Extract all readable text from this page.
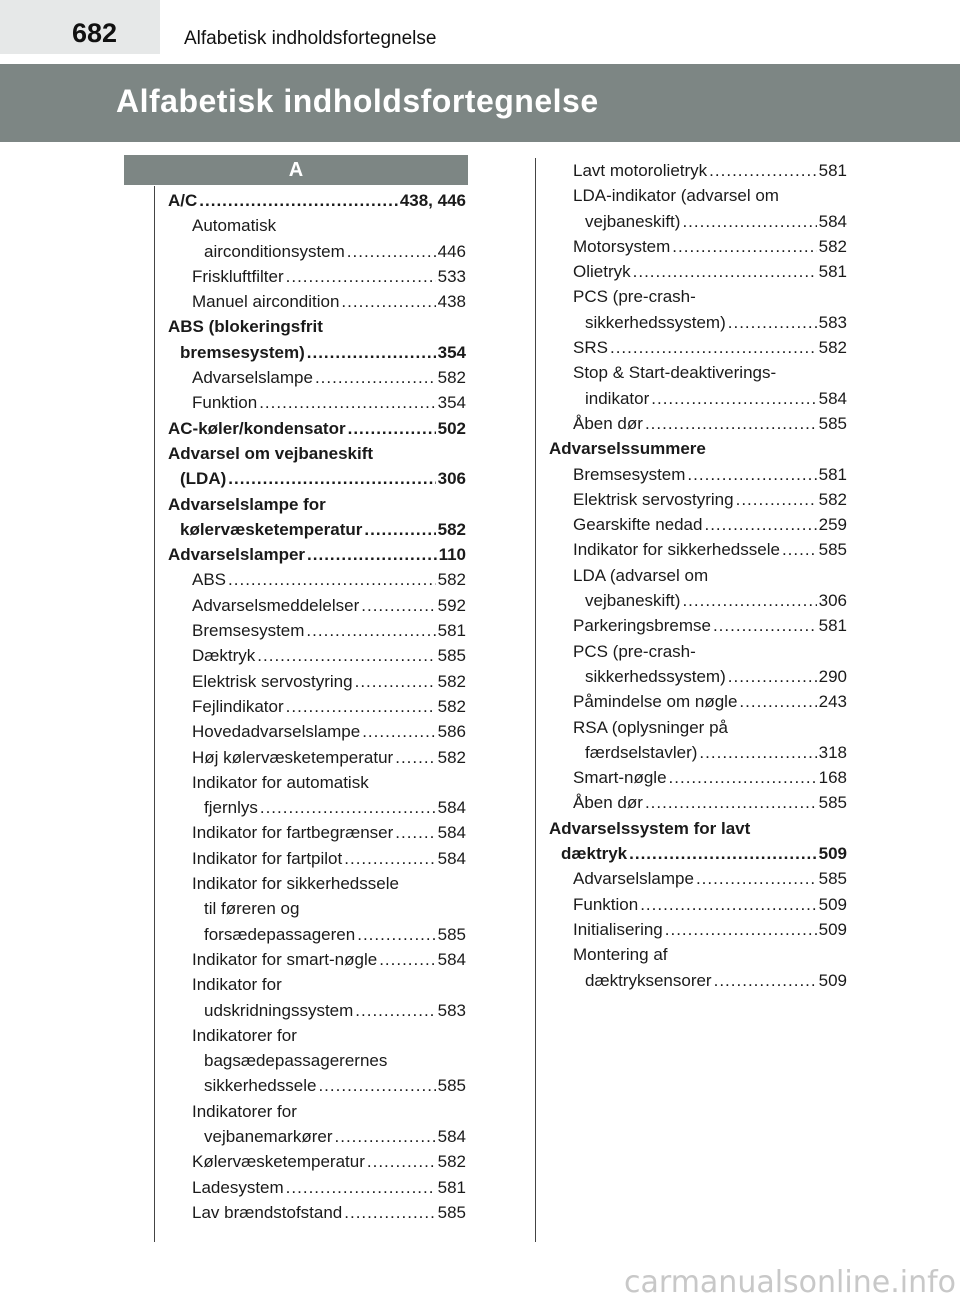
682	Alfabetisk indholdsfortegnelse
Alfabetisk indholdsfortegnelse
A
A/C .....	438, 446
Automatisk
airconditionsystem .....	446
Friskluftfilter .....	533
Manuel aircondition .....	438
ABS (blokeringsfrit
bremsesystem) .....	354
Advarselslampe .....	582
Funktion .....	354
AC-køler/kondensator .....	502
Advarsel om vejbaneskift
(LDA) .....	306
Advarselslampe for
kølervæsketemperatur .....	582
Advarselslamper .....	110
ABS .....	582
Advarselsmeddelelser .....	592
Bremsesystem .....	581
Dæktryk .....	585
Elektrisk servostyring .....	582
Fejlindikator .....	582
Hovedadvarselslampe .....	586
Høj kølervæsketemperatur .....	582
Indikator for automatisk
fjernlys .....	584
Indikator for fartbegrænser .....	584
Indikator for fartpilot .....	584
Indikator for sikkerhedssele
til føreren og
forsædepassageren .....	585
Indikator for smart-nøgle .....	584
Indikator for
udskridningssystem .....	583
Indikatorer for
bagsædepassagerernes
sikkerhedssele .....	585
Indikatorer for
vejbanemarkører .....	584
Kølervæsketemperatur .....	582
Ladesystem .....	581
Lav brændstofstand .....	585
Lavt motorolietryk .....	581
LDA-indikator (advarsel om
vejbaneskift) .....	584
Motorsystem .....	582
Olietryk .....	581
PCS (pre-crash-
sikkerhedssystem) .....	583
SRS .....	582
Stop & Start-deaktiverings-
indikator .....	584
Åben dør .....	585
Advarselssummere
Bremsesystem .....	581
Elektrisk servostyring .....	582
Gearskifte nedad .....	259
Indikator for sikkerhedssele ..... 585
LDA (advarsel om
vejbaneskift) .....	306
Parkeringsbremse .....	581
PCS (pre-crash-
sikkerhedssystem) .....	290
Påmindelse om nøgle .....	243
RSA (oplysninger på
færdselstavler) .....	318
Smart-nøgle .....	168
Åben dør .....	585
Advarselssystem for lavt
dæktryk .....	509
Advarselslampe .....	585
Funktion .....	509
Initialisering .....	509
Montering af
dæktryksensorer .....	509
carmanualsonline.info
